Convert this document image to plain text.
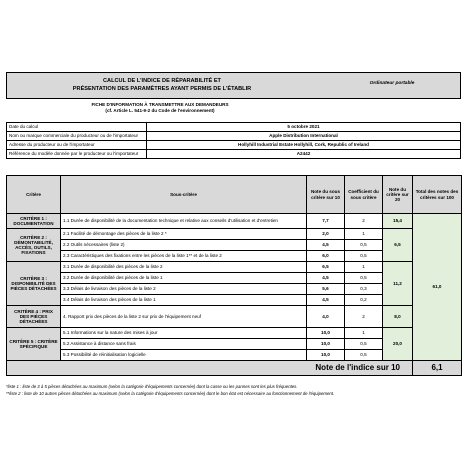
CALCUL DE L'INDICE DE RÉPARABILITÉ ET
PRÉSENTATION DES PARAMÈTRES AYANT PERMIS DE L'ÉTABLIR
Ordinateur portable
FICHE D'INFORMATION À TRANSMETTRE AUX DEMANDEURS
(cf. Article L. 541-9-2 du Code de l'environnement)
Date du calcul	5 octobre 2021
Nom ou marque commerciale du producteur ou de l'importateur	Apple Distribution International
Adresse du producteur ou de l'importateur	Hollyhill Industrial Estate Hollyhill, Cork, Republic of Ireland
Référence du modèle donnée par le producteur ou l'importateur	A2442
Critère	Sous-critère	Note du sous critère sur 10	Coefficient du sous critère	Note du critère sur 20	Total des notes des critères sur 100
CRITÈRE 1 : DOCUMENTATION	1.1 Durée de disponibilité de la documentation technique et relative aux conseils d'utilisation et d'entretien	7,7	2	15,4	61,0
CRITÈRE 2 : DÉMONTABILITÉ, ACCÈS, OUTILS, FIXATIONS	2.1 Facilité de démontage des pièces de la liste 2 *	2,0	1	6,5	
	2.2 Outils nécessaires (liste 2)	4,5	0,5		
	2.3 Caractéristiques des fixations entre les pièces de la liste 1** et de la liste 2	6,0	0,5		
CRITÈRE 3 : DISPONIBILITÉ DES PIÈCES DÉTACHÉES	3.1 Durée de disponibilité des pièces de la liste 2	6,5	1	11,2	
	3.2 Durée de disponibilité des pièces de la liste 1	4,5	0,5		
	3.3 Délais de livraison des pièces de la liste 2	5,6	0,3		
	3.4 Délais de livraison des pièces de la liste 1	4,5	0,2		
CRITÈRE 4 : PRIX DES PIÈCES DÉTACHÉES	4. Rapport prix des pièces de la liste 2 sur prix de l'équipement neuf	4,0	2	8,0	
CRITÈRE 5 : CRITÈRE SPÉCIFIQUE	5.1 Informations sur la nature des mises à jour	10,0	1	20,0	
	5.2 Assistance à distance sans frais	10,0	0,5		
	5.3 Possibilité de réinitialisation logicielle	10,0	0,5		
Note de l'indice sur 10					6,1
*liste 1 : liste de 3 à 5 pièces détachées au maximum (selon la catégorie d'équipements concernée) dont la casse ou les pannes sont les plus fréquentes.
**liste 2 : liste de 10 autres pièces détachées au maximum (selon la catégorie d'équipements concernée) dont le bon état est nécessaire au fonctionnement de l'équipement.
